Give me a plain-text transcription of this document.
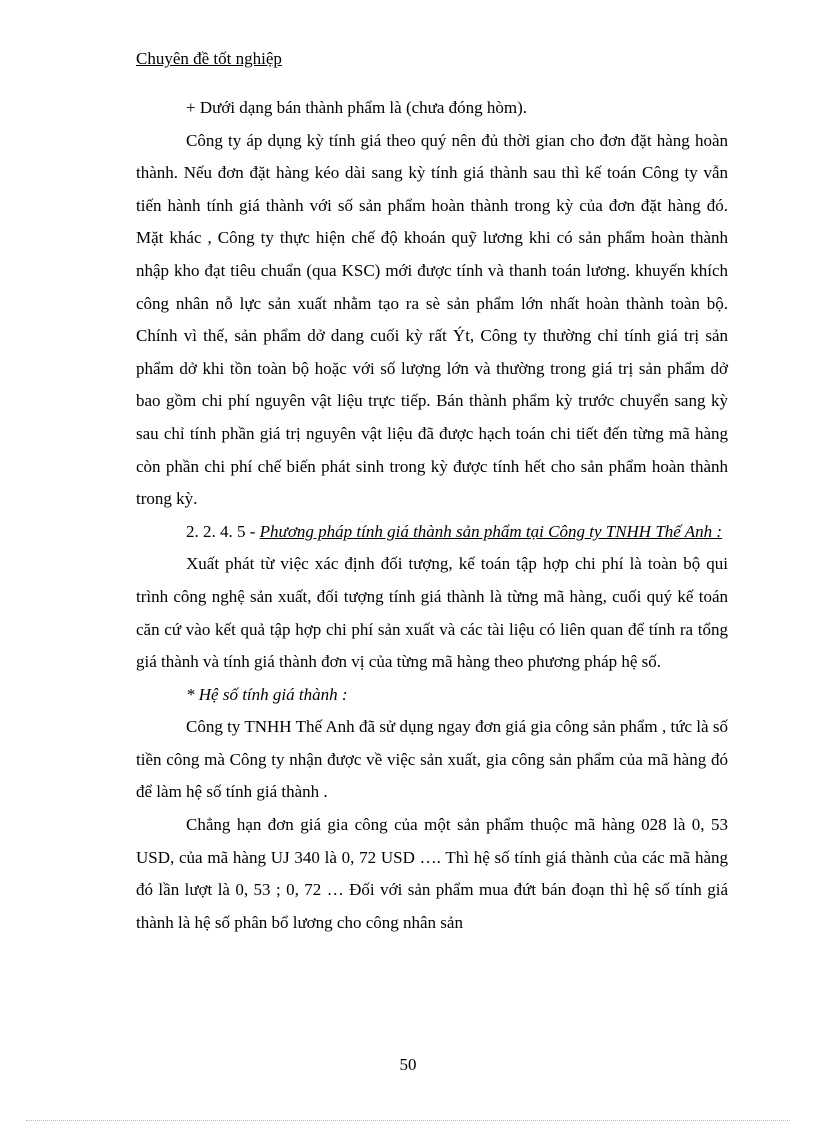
Chuyên đề tốt nghiệp

+ Dưới dạng bán thành phẩm là (chưa đóng hòm).

Công ty áp dụng kỳ tính giá theo quý nên đủ thời gian cho đơn đặt hàng hoàn thành. Nếu đơn đặt hàng kéo dài sang kỳ tính giá thành sau thì kế toán Công ty vẫn tiến hành tính giá thành với số sản phẩm hoàn thành trong kỳ của đơn đặt hàng đó. Mặt khác , Công ty thực hiện chế độ khoán quỹ lương khi có sản phẩm hoàn thành nhập kho đạt tiêu chuẩn (qua KSC) mới được tính và thanh toán lương. khuyến khích công nhân nỗ lực sản xuất nhằm tạo ra sè sản phẩm lớn nhất hoàn thành toàn bộ. Chính vì thế, sản phẩm dở dang cuối kỳ rất Ýt, Công ty thường chỉ tính giá trị sản phẩm dở khi tồn toàn bộ hoặc với số lượng lớn và thường trong giá trị sản phẩm dở bao gồm chi phí nguyên vật liệu trực tiếp. Bán thành phẩm kỳ trước chuyển sang kỳ sau chỉ tính phần giá trị nguyên vật liệu đã được hạch toán chi tiết đến từng mã hàng còn phần chi phí chế biến phát sinh trong kỳ được tính hết cho sản phẩm hoàn thành trong kỳ.

2. 2. 4. 5 - Phương pháp tính giá thành sản phẩm tại Công ty TNHH Thế Anh :

Xuất phát từ việc xác định đối tượng, kế toán tập hợp chi phí là toàn bộ qui trình công nghệ sản xuất, đối tượng tính giá thành là từng mã hàng, cuối quý kế toán căn cứ vào kết quả tập hợp chi phí sản xuất và các tài liệu có liên quan để tính ra tổng giá thành và tính giá thành đơn vị của từng mã hàng theo phương pháp hệ số.

* Hệ số tính giá thành :

Công ty TNHH Thế Anh đã sử dụng ngay đơn giá gia công sản phẩm , tức là số tiền công mà Công ty nhận được về việc sản xuất, gia công sản phẩm của mã hàng đó để làm hệ số tính giá thành .

Chẳng hạn đơn giá gia công của một sản phẩm thuộc mã hàng 028 là 0, 53 USD, của mã hàng UJ 340 là 0, 72 USD …. Thì hệ số tính giá thành của các mã hàng đó lần lượt là 0, 53 ; 0, 72 … Đối với sản phẩm mua đứt bán đoạn thì hệ số tính giá thành là hệ số phân bổ lương cho công nhân sản

50
